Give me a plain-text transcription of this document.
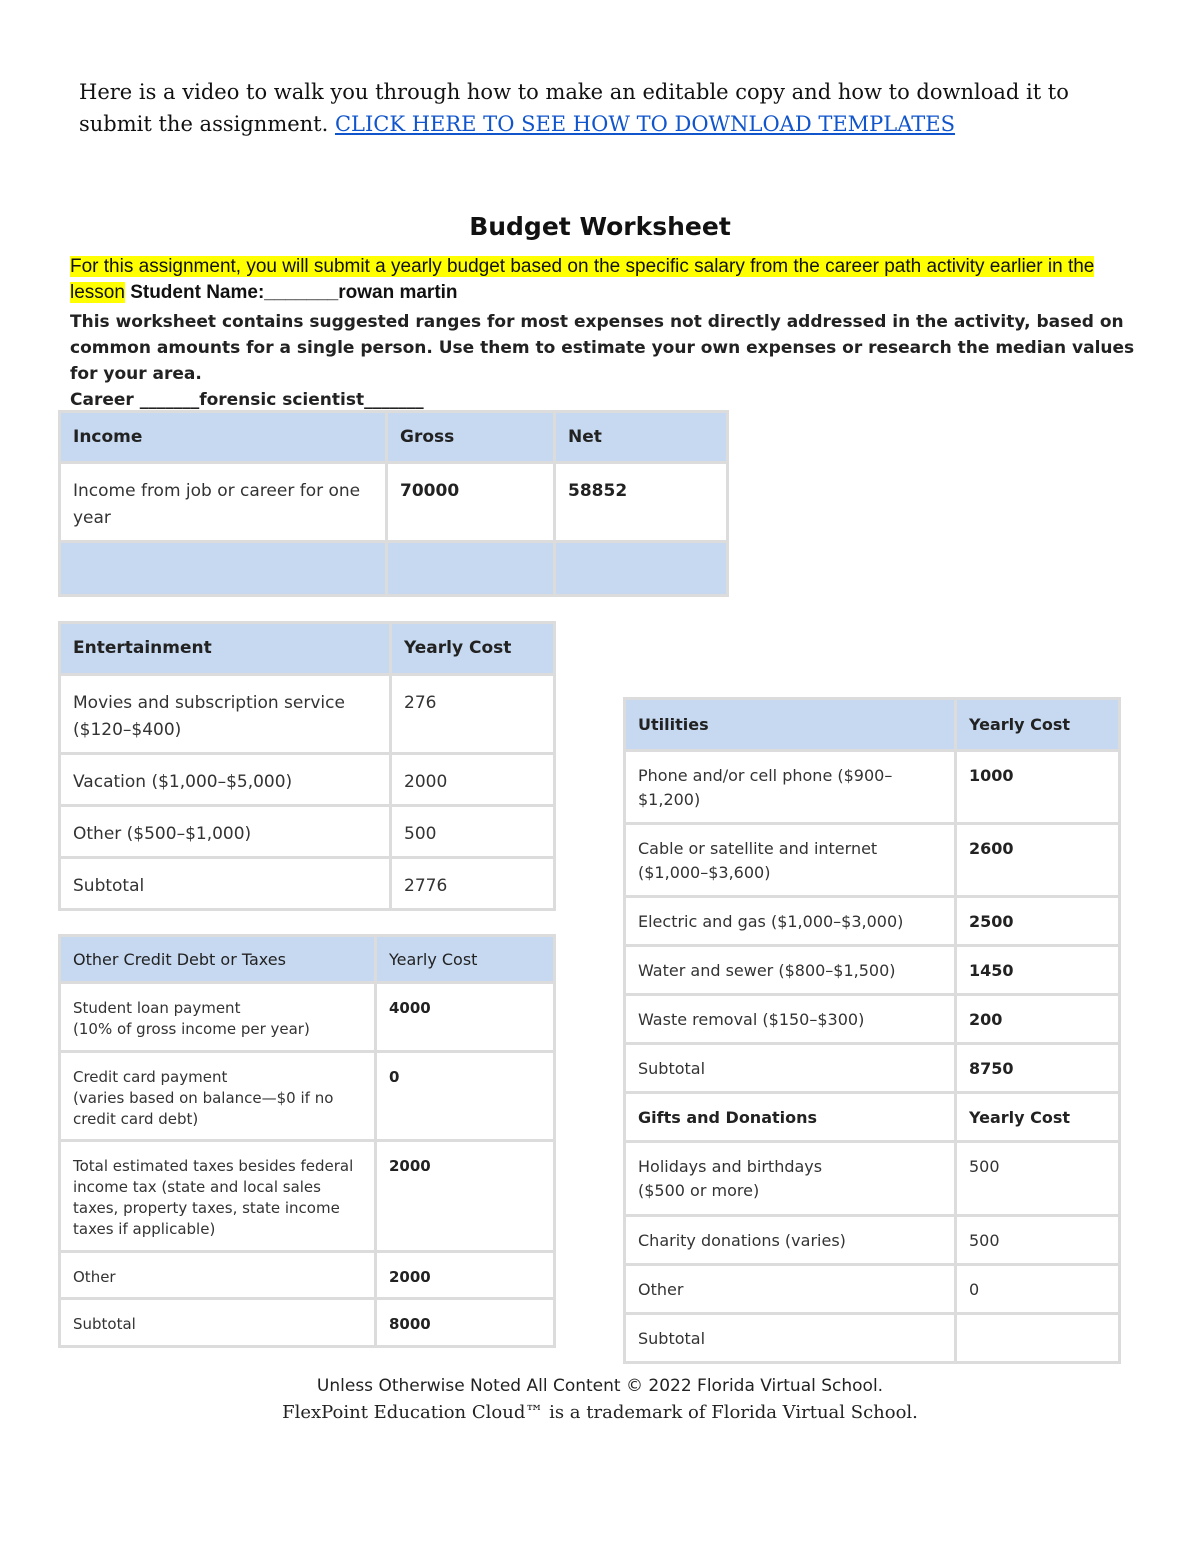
Here is a video to walk you through how to make an editable copy and how to download it to submit the assignment. CLICK HERE TO SEE HOW TO DOWNLOAD TEMPLATES
Budget Worksheet
For this assignment, you will submit a yearly budget based on the specific salary from the career path activity earlier in the lesson Student Name:_______rowan martin
This worksheet contains suggested ranges for most expenses not directly addressed in the activity, based on common amounts for a single person. Use them to estimate your own expenses or research the median values for your area.
Career _______forensic scientist_______
Income	Gross	Net
Income from job or career for one year	70000	58852

Entertainment	Yearly Cost
Movies and subscription service ($120–$400)	276
Vacation ($1,000–$5,000)	2000
Other ($500–$1,000)	500
Subtotal	2776
Other Credit Debt or Taxes	Yearly Cost

Student loan payment
(10% of gross income per year)	4000

Credit card payment
(varies based on balance—$0 if no credit card debt)	0
Total estimated taxes besides federal income tax (state and local sales taxes, property taxes, state income taxes if applicable)	2000
Other	2000
Subtotal	8000
Utilities	Yearly Cost
Phone and/or cell phone ($900–$1,200)	1000
Cable or satellite and internet ($1,000–$3,600)	2600
Electric and gas ($1,000–$3,000)	2500
Water and sewer ($800–$1,500)	1450
Waste removal ($150–$300)	200
Subtotal	8750
Gifts and Donations	Yearly Cost

Holidays and birthdays
($500 or more)	500
Charity donations (varies)	500
Other	0
Subtotal	
Unless Otherwise Noted All Content © 2022 Florida Virtual School.
FlexPoint Education Cloud™ is a trademark of Florida Virtual School.
